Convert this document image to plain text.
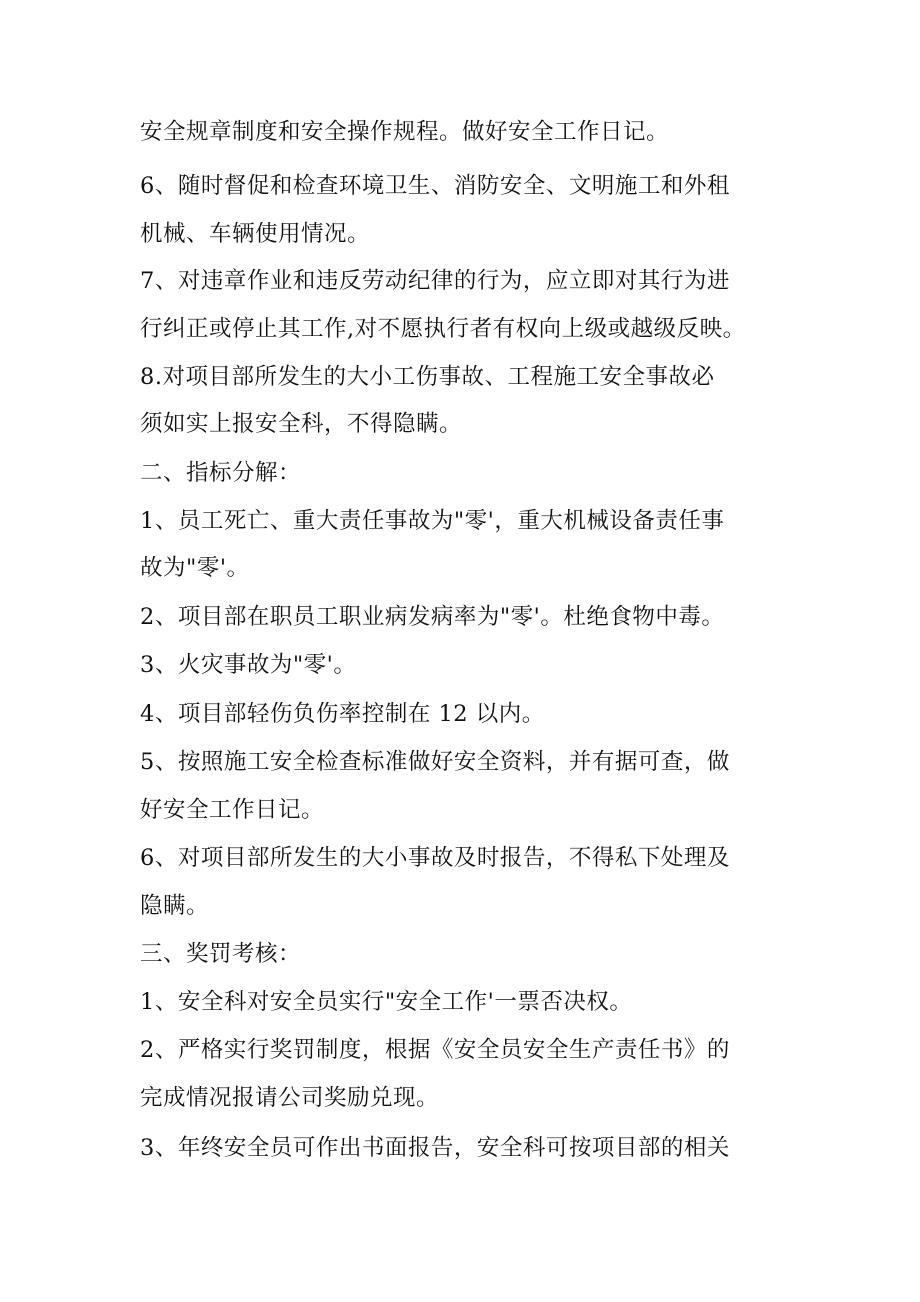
安全规章制度和安全操作规程。做好安全工作日记。
6、随时督促和检查环境卫生、消防安全、文明施工和外租
机械、车辆使用情况。
7、对违章作业和违反劳动纪律的行为，应立即对其行为进
行纠正或停止其工作,对不愿执行者有权向上级或越级反映。
8.对项目部所发生的大小工伤事故、工程施工安全事故必
须如实上报安全科，不得隐瞒。
二、指标分解：
1、员工死亡、重大责任事故为"零'，重大机械设备责任事
故为"零'。
2、项目部在职员工职业病发病率为"零'。杜绝食物中毒。
3、火灾事故为"零'。
4、项目部轻伤负伤率控制在 12 以内。
5、按照施工安全检查标准做好安全资料，并有据可查，做
好安全工作日记。
6、对项目部所发生的大小事故及时报告，不得私下处理及
隐瞒。
三、奖罚考核：
1、安全科对安全员实行"安全工作'一票否决权。
2、严格实行奖罚制度，根据《安全员安全生产责任书》的
完成情况报请公司奖励兑现。
3、年终安全员可作出书面报告，安全科可按项目部的相关
